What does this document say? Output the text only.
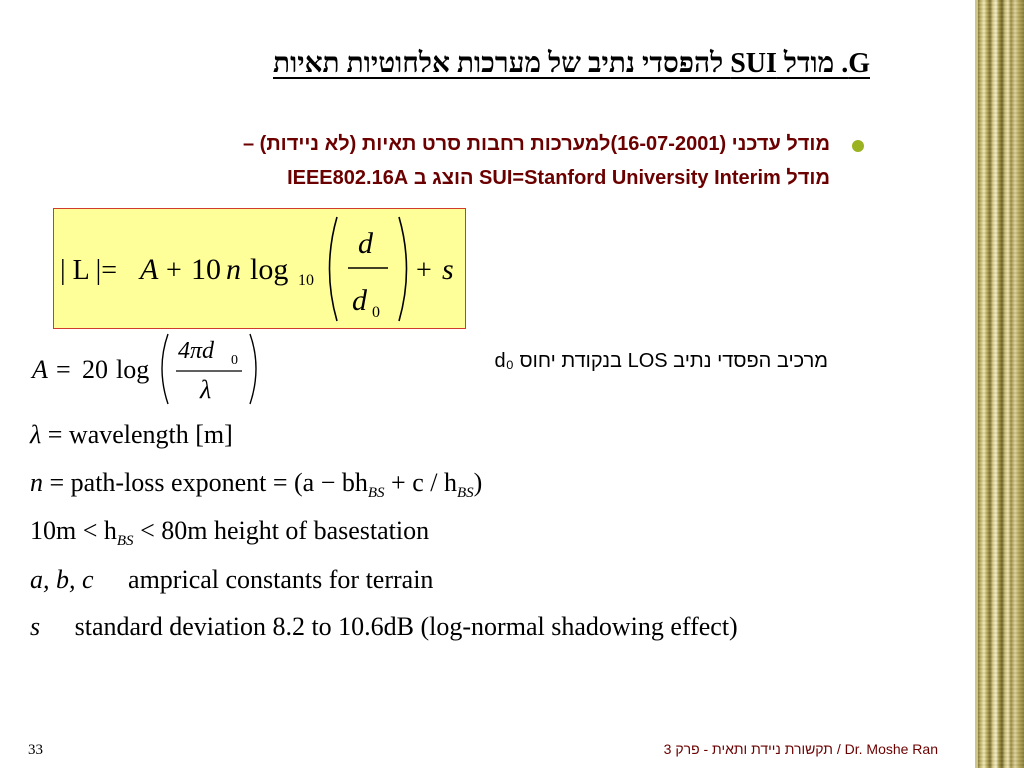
G. מודל SUI להפסדי נתיב של מערכות אלחוטיות תאיות
מודל עדכני (16-07-2001)למערכות רחבות סרט תאיות (לא ניידות) –
מודל SUI=Stanford University Interim הוצג ב IEEE802.16A
| L |= A + 10 n log 10
d
d 0
+ s
A = 20 log
4πd 0
λ
מרכיב הפסדי נתיב LOS בנקודת יחוס d₀
λ = wavelength [m]
n = path-loss exponent = $(a - bh_{BS} + c / h_{BS})$
$10m < h_{BS} < 80m$ height of basestation
a, b, c amprical constants for terrain
s standard deviation 8.2 to 10.6dB (log-normal shadowing effect)
33	3 תקשורת ניידת ותאית - פרק / Dr. Moshe Ran
